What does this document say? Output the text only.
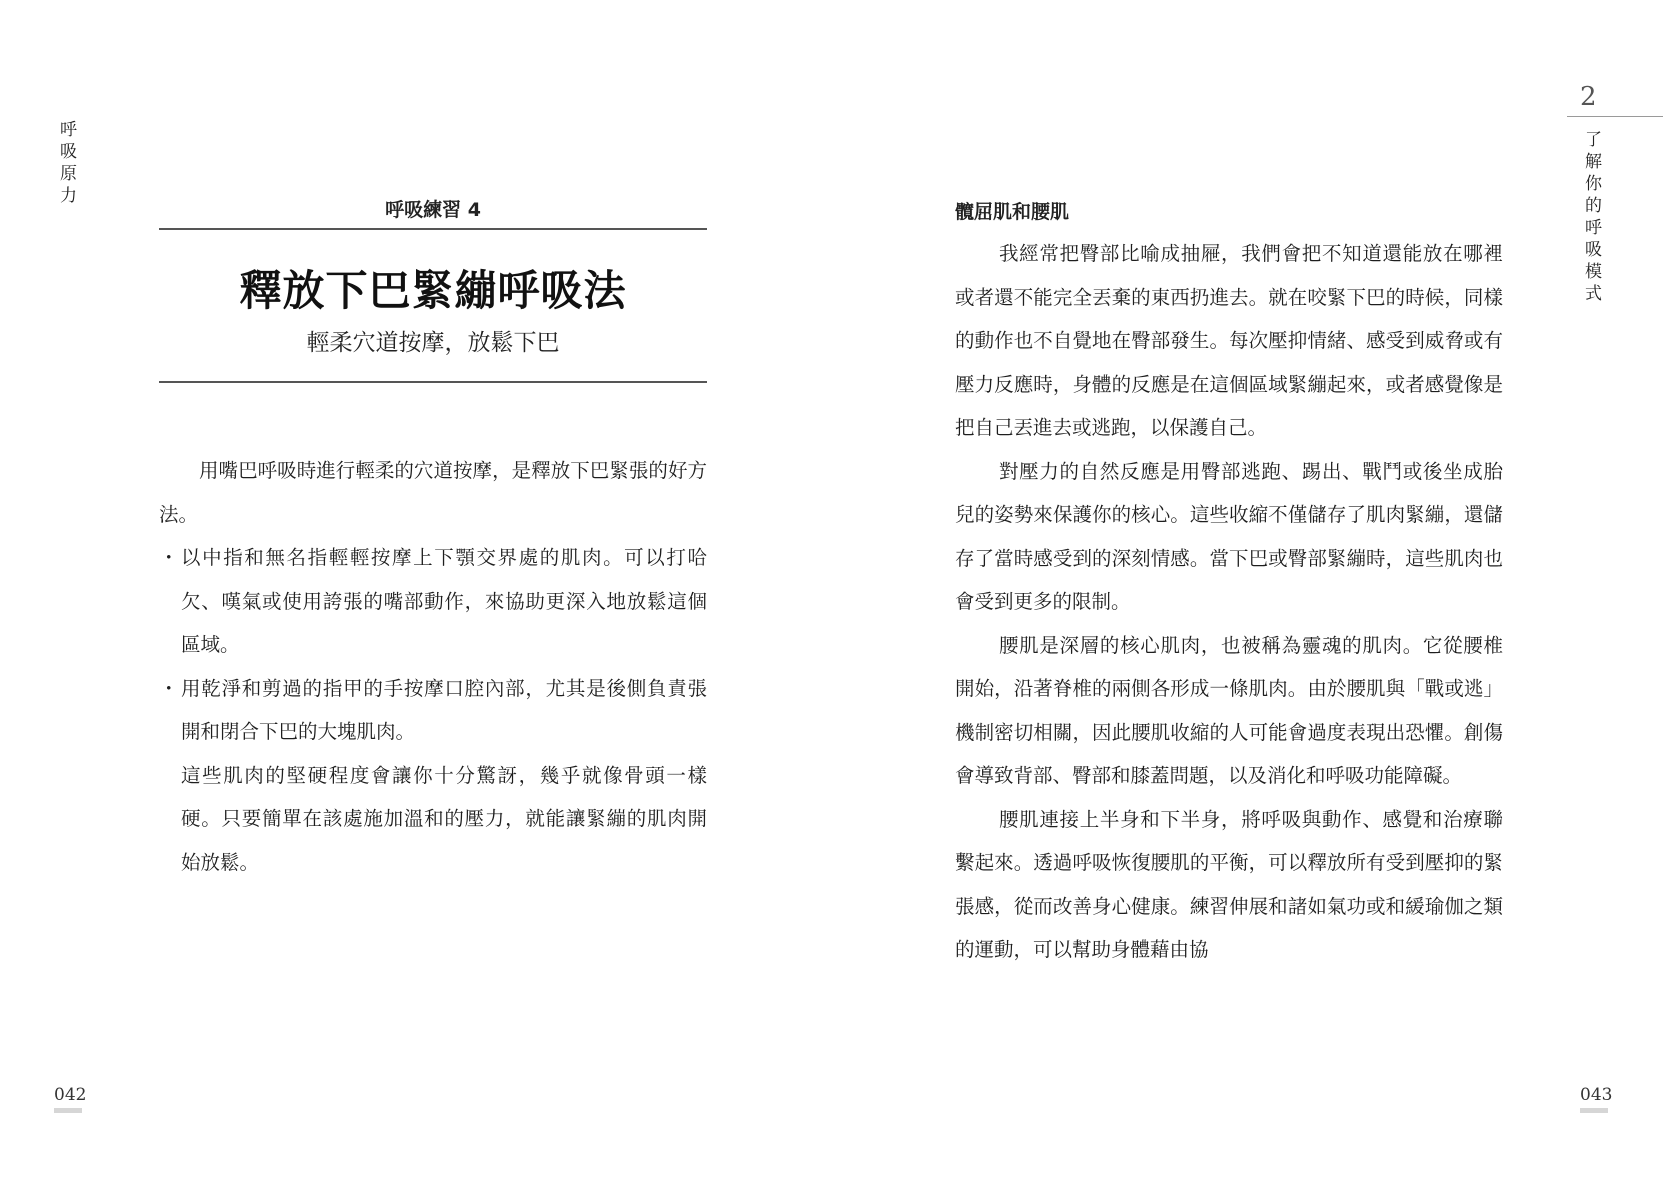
呼吸原力
呼吸練習 4
釋放下巴緊繃呼吸法
輕柔穴道按摩，放鬆下巴

用嘴巴呼吸時進行輕柔的穴道按摩，是釋放下巴緊張的好方法。

・ 以中指和無名指輕輕按摩上下顎交界處的肌肉。可以打哈欠、嘆氣或使用誇張的嘴部動作，來協助更深入地放鬆這個區域。
・ 用乾淨和剪過的指甲的手按摩口腔內部，尤其是後側負責張開和閉合下巴的大塊肌肉。

這些肌肉的堅硬程度會讓你十分驚訝，幾乎就像骨頭一樣硬。只要簡單在該處施加溫和的壓力，就能讓緊繃的肌肉開始放鬆。

042
2
了解你的呼吸模式
髖屈肌和腰肌

我經常把臀部比喻成抽屜，我們會把不知道還能放在哪裡或者還不能完全丟棄的東西扔進去。就在咬緊下巴的時候，同樣的動作也不自覺地在臀部發生。每次壓抑情緒、感受到威脅或有壓力反應時，身體的反應是在這個區域緊繃起來，或者感覺像是把自己丟進去或逃跑，以保護自己。

對壓力的自然反應是用臀部逃跑、踢出、戰鬥或後坐成胎兒的姿勢來保護你的核心。這些收縮不僅儲存了肌肉緊繃，還儲存了當時感受到的深刻情感。當下巴或臀部緊繃時，這些肌肉也會受到更多的限制。

腰肌是深層的核心肌肉，也被稱為靈魂的肌肉。它從腰椎開始，沿著脊椎的兩側各形成一條肌肉。由於腰肌與「戰或逃」機制密切相關，因此腰肌收縮的人可能會過度表現出恐懼。創傷會導致背部、臀部和膝蓋問題，以及消化和呼吸功能障礙。

腰肌連接上半身和下半身，將呼吸與動作、感覺和治療聯繫起來。透過呼吸恢復腰肌的平衡，可以釋放所有受到壓抑的緊張感，從而改善身心健康。練習伸展和諸如氣功或和緩瑜伽之類的運動，可以幫助身體藉由協

043
